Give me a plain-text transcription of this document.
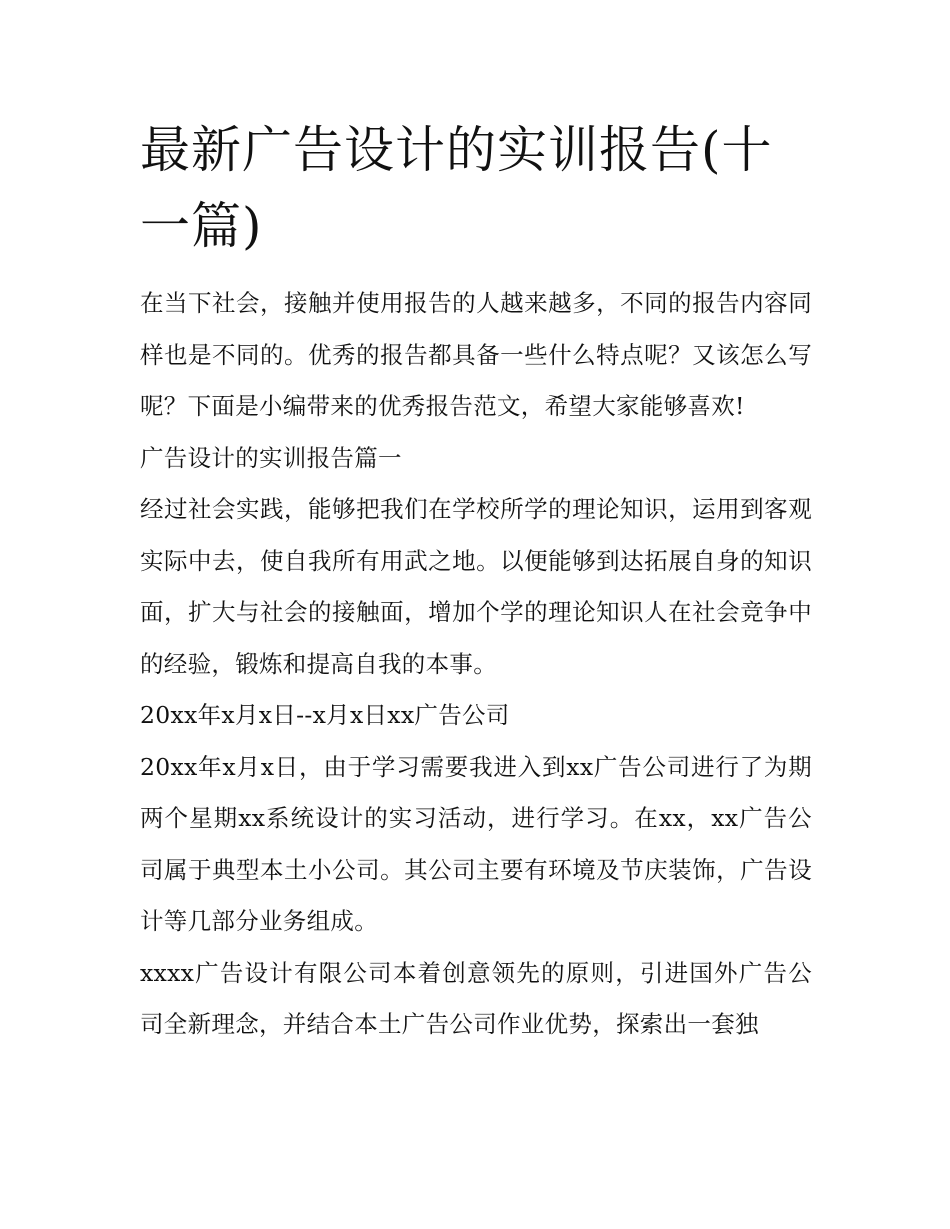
最新广告设计的实训报告(十一篇)

在当下社会，接触并使用报告的人越来越多，不同的报告内容同样也是不同的。优秀的报告都具备一些什么特点呢？又该怎么写呢？下面是小编带来的优秀报告范文，希望大家能够喜欢!

广告设计的实训报告篇一

经过社会实践，能够把我们在学校所学的理论知识，运用到客观实际中去，使自我所有用武之地。以便能够到达拓展自身的知识面，扩大与社会的接触面，增加个学的理论知识人在社会竞争中的经验，锻炼和提高自我的本事。

20xx年x月x日--x月x日xx广告公司

20xx年x月x日，由于学习需要我进入到xx广告公司进行了为期两个星期xx系统设计的实习活动，进行学习。在xx，xx广告公司属于典型本土小公司。其公司主要有环境及节庆装饰，广告设计等几部分业务组成。

xxxx广告设计有限公司本着创意领先的原则，引进国外广告公司全新理念，并结合本土广告公司作业优势，探索出一套独
